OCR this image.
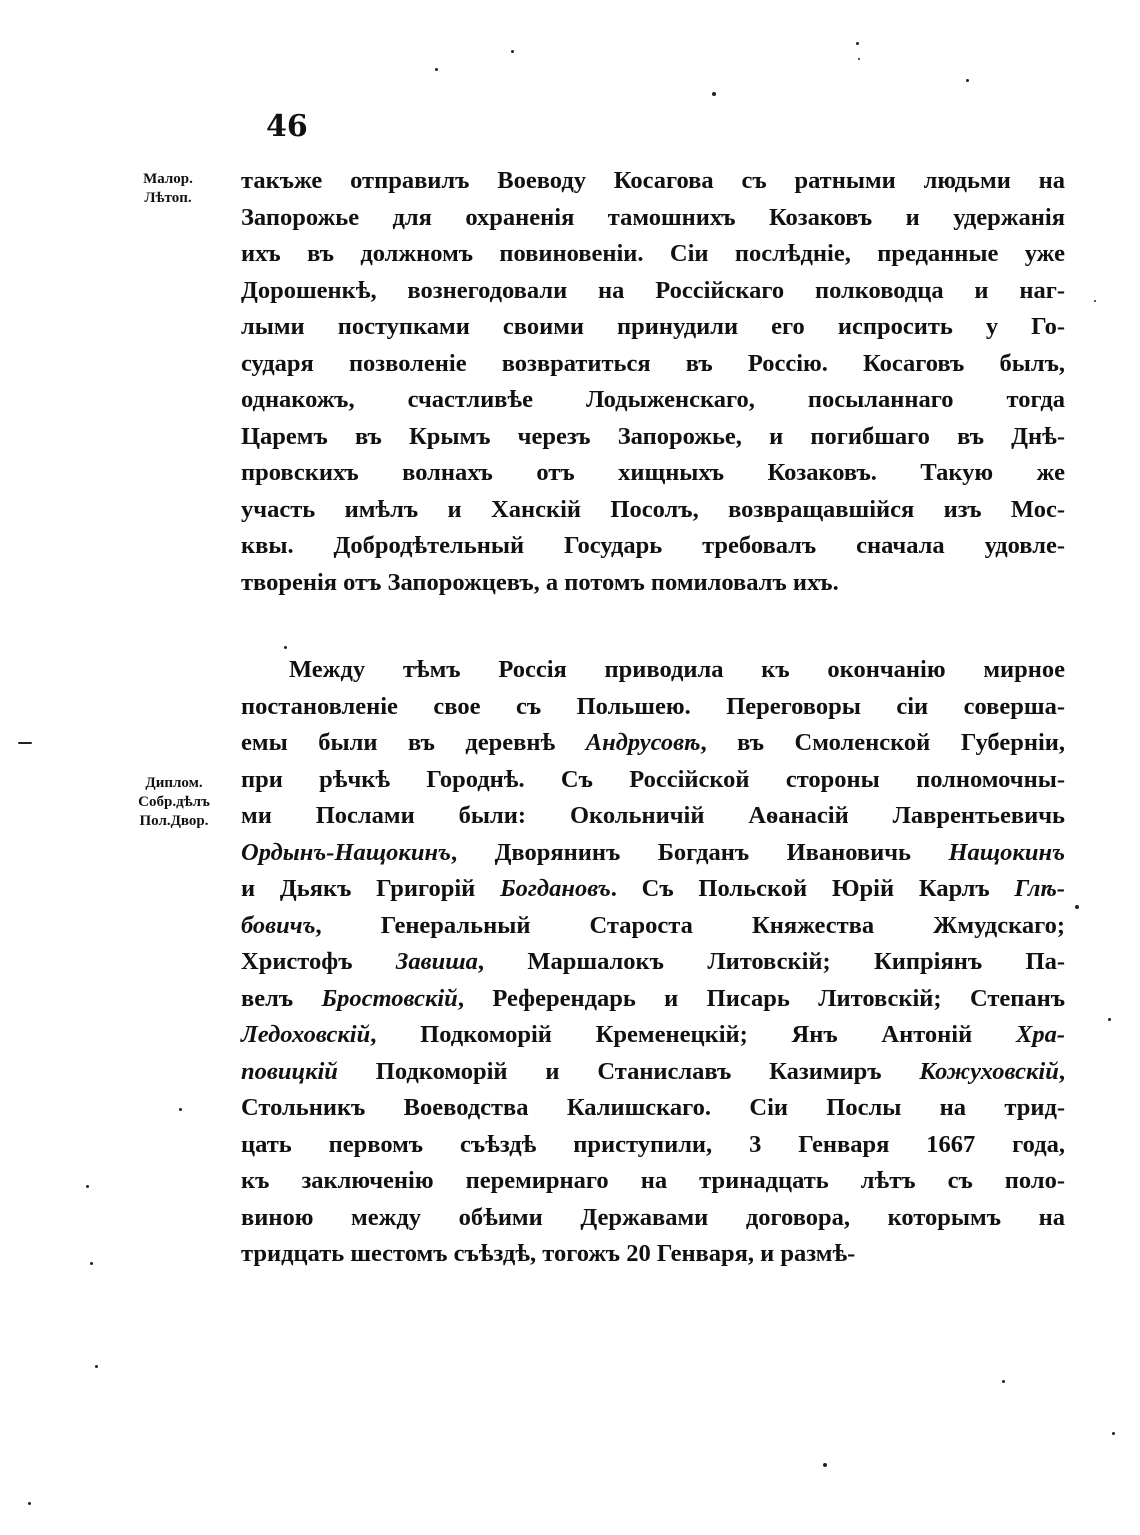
46
Малор.
Лѣтоп.
Диплом.
Собр.дѣлъ
Пол.Двор.
такъже отправилъ Воеводу Косагова съ ратными людьми на
Запорожье для охраненія тамошнихъ Козаковъ и удержанія
ихъ въ должномъ повиновеніи. Сіи послѣдніе, преданные уже
Дорошенкѣ, вознегодовали на Россійскаго полководца и наг-
лыми поступками своими принудили его испросить у Го-
сударя позволеніе возвратиться въ Россію. Косаговъ былъ,
однакожъ, счастливѣе Лодыженскаго, посыланнаго тогда
Царемъ въ Крымъ черезъ Запорожье, и погибшаго въ Днѣ-
провскихъ волнахъ отъ хищныхъ Козаковъ. Такую же
участь имѣлъ и Ханскій Посолъ, возвращавшійся изъ Мос-
квы. Добродѣтельный Государь требовалъ сначала удовле-
творенія отъ Запорожцевъ, а потомъ помиловалъ ихъ.
Между тѣмъ Россія приводила къ окончанію мирное
постановленіе свое съ Польшею. Переговоры сіи соверша-
емы были въ деревнѣ Андрусовѣ, въ Смоленской Губерніи,
при рѣчкѣ Городнѣ. Съ Россійской стороны полномочны-
ми Послами были: Окольничій Аѳанасій Лаврентьевичь
Ордынъ-Нащокинъ, Дворянинъ Богданъ Ивановичь Нащокинъ
и Дьякъ Григорій Богдановъ. Съ Польской Юрій Карлъ Глѣ-
бовичъ, Генеральный Староста Княжества Жмудскаго;
Христофъ Завиша, Маршалокъ Литовскій; Кипріянъ Па-
велъ Бростовскій, Референдарь и Писарь Литовскій; Степанъ
Ледоховскій, Подкоморій Кременецкій; Янъ Антоній Хра-
повицкій Подкоморій и Станиславъ Казимиръ Кожуховскій,
Стольникъ Воеводства Калишскаго. Сіи Послы на трид-
цать первомъ съѣздѣ приступили, 3 Генваря 1667 года,
къ заключенію перемирнаго на тринадцать лѣтъ съ поло-
виною между обѣими Державами договора, которымъ на
тридцать шестомъ съѣздѣ, тогожъ 20 Генваря, и размѣ-
